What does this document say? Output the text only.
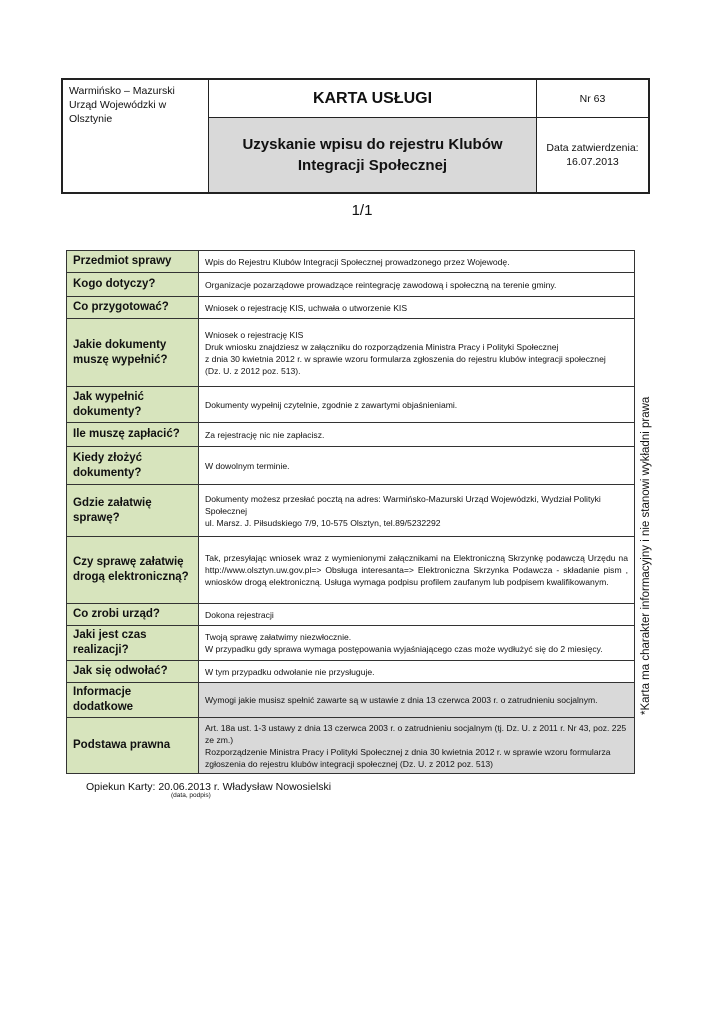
Warmińsko – Mazurski Urząd Wojewódzki w Olsztynie
KARTA USŁUGI	Nr 63
Uzyskanie wpisu do rejestru Klubów Integracji Społecznej
Data zatwierdzenia:
16.07.2013
1/1
Przedmiot sprawy	Wpis do Rejestru Klubów Integracji Społecznej prowadzonego przez Wojewodę.

Kogo dotyczy?	Organizacje pozarządowe prowadzące reintegrację zawodową i społeczną na terenie gminy.

Co przygotować?	Wniosek o rejestrację KIS, uchwała o utworzenie KIS

Jakie dokumenty muszę wypełnić?	Wniosek o rejestrację KIS
Druk wniosku znajdziesz w załączniku do rozporządzenia Ministra Pracy i Polityki Społecznej
z dnia 30 kwietnia 2012 r. w sprawie wzoru formularza zgłoszenia do rejestru klubów integracji społecznej
(Dz. U. z 2012 poz. 513).

Jak wypełnić dokumenty?	Dokumenty wypełnij czytelnie, zgodnie z zawartymi objaśnieniami.

Ile muszę zapłacić?	Za rejestrację nic nie zapłacisz.

Kiedy złożyć dokumenty?	W dowolnym terminie.

Gdzie załatwię sprawę?	Dokumenty możesz przesłać pocztą na adres: Warmińsko-Mazurski Urząd Wojewódzki, Wydział Polityki Społecznej
ul. Marsz. J. Piłsudskiego 7/9, 10-575 Olsztyn, tel.89/5232292

Czy sprawę załatwię drogą elektroniczną?	Tak, przesyłając wniosek wraz z wymienionymi załącznikami na Elektroniczną Skrzynkę podawczą Urzędu na http://www.olsztyn.uw.gov.pl=> Obsługa interesanta=> Elektroniczna Skrzynka Podawcza - składanie pism , wniosków drogą elektroniczną. Usługa wymaga podpisu profilem zaufanym lub podpisem kwalifikowanym.

Co zrobi urząd?	Dokona rejestracji

Jaki jest czas realizacji?	Twoją sprawę załatwimy niezwłocznie.
W przypadku gdy sprawa wymaga postępowania wyjaśniającego czas może wydłużyć się do 2 miesięcy.

Jak się odwołać?	W tym przypadku odwołanie nie przysługuje.

Informacje dodatkowe	Wymogi jakie musisz spełnić zawarte są w ustawie z dnia 13 czerwca 2003 r. o zatrudnieniu socjalnym.

Podstawa prawna	Art. 18a ust. 1-3 ustawy z dnia 13 czerwca 2003 r. o zatrudnieniu socjalnym (tj. Dz. U. z 2011 r. Nr 43, poz. 225 ze zm.)
Rozporządzenie Ministra Pracy i Polityki Społecznej z dnia 30 kwietnia 2012 r. w sprawie wzoru formularza zgłoszenia do rejestru klubów integracji społecznej (Dz. U. z 2012 poz. 513)
*Karta ma charakter informacyjny i nie stanowi wykładni prawa
Opiekun Karty: 20.06.2013 r. Władysław Nowosielski
(data, podpis)
